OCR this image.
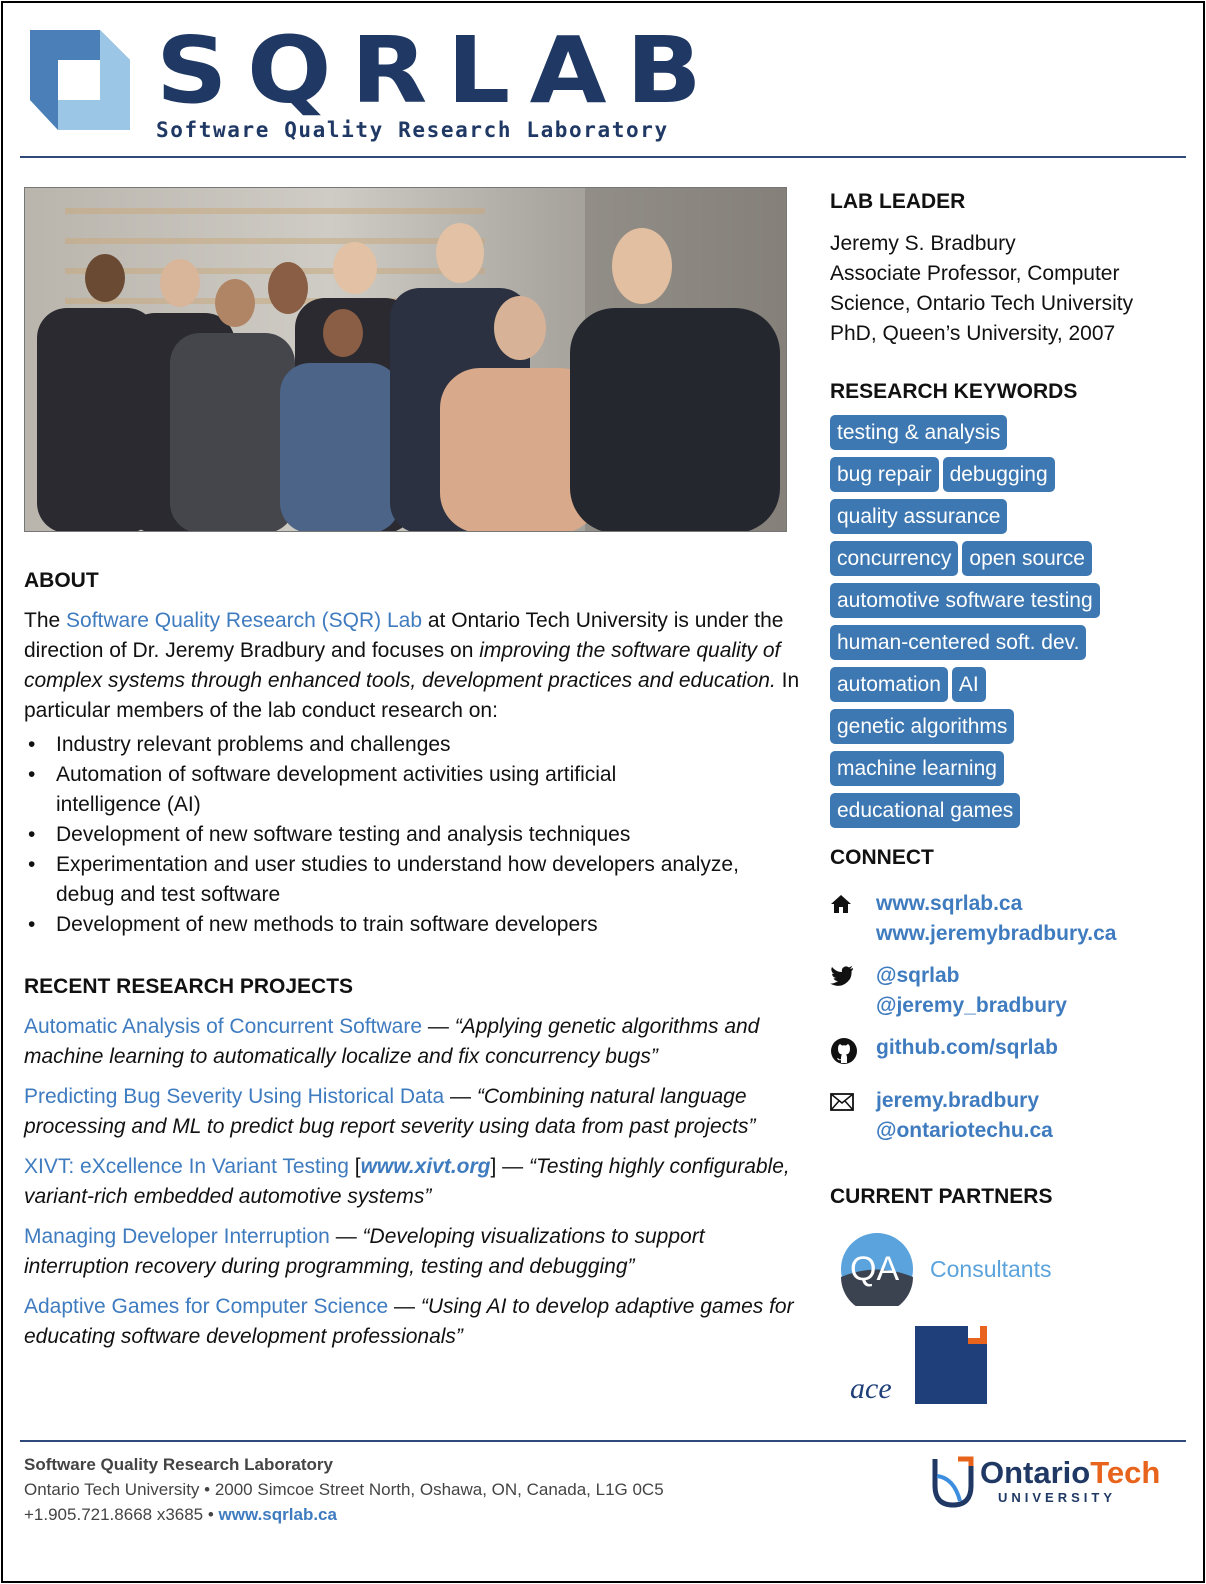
SQRLAB
Software Quality Research Laboratory
ABOUT

The Software Quality Research (SQR) Lab at Ontario Tech University is under the direction of Dr. Jeremy Bradbury and focuses on improving the software quality of complex systems through enhanced tools, development practices and education. In particular members of the lab conduct research on:

• Industry relevant problems and challenges
• Automation of software development activities using artificial intelligence (AI)
• Development of new software testing and analysis techniques
• Experimentation and user studies to understand how developers analyze, debug and test software
• Development of new methods to train software developers
RECENT RESEARCH PROJECTS
Automatic Analysis of Concurrent Software — “Applying genetic algorithms and machine learning to automatically localize and fix concurrency bugs”
Predicting Bug Severity Using Historical Data — “Combining natural language processing and ML to predict bug report severity using data from past projects”
XIVT: eXcellence In Variant Testing [www.xivt.org] — “Testing highly configurable, variant-rich embedded automotive systems”
Managing Developer Interruption — “Developing visualizations to support interruption recovery during programming, testing and debugging”
Adaptive Games for Computer Science — “Using AI to develop adaptive games for educating software development professionals”
LAB LEADER
Jeremy S. Bradbury
Associate Professor, Computer Science, Ontario Tech University
PhD, Queen’s University, 2007
RESEARCH KEYWORDS
testing & analysis
bug repair debugging
quality assurance
concurrency open source
automotive software testing
human-centered soft. dev.
automation AI
genetic algorithms
machine learning
educational games
CONNECT
www.sqrlab.ca
www.jeremybradbury.ca
@sqrlab
@jeremy_bradbury
github.com/sqrlab
jeremy.bradbury
@ontariotechu.ca
CURRENT PARTNERS
QA Consultants
ace
Software Quality Research Laboratory
Ontario Tech University • 2000 Simcoe Street North, Oshawa, ON, Canada, L1G 0C5
+1.905.721.8668 x3685 • www.sqrlab.ca
OntarioTech
UNIVERSITY
